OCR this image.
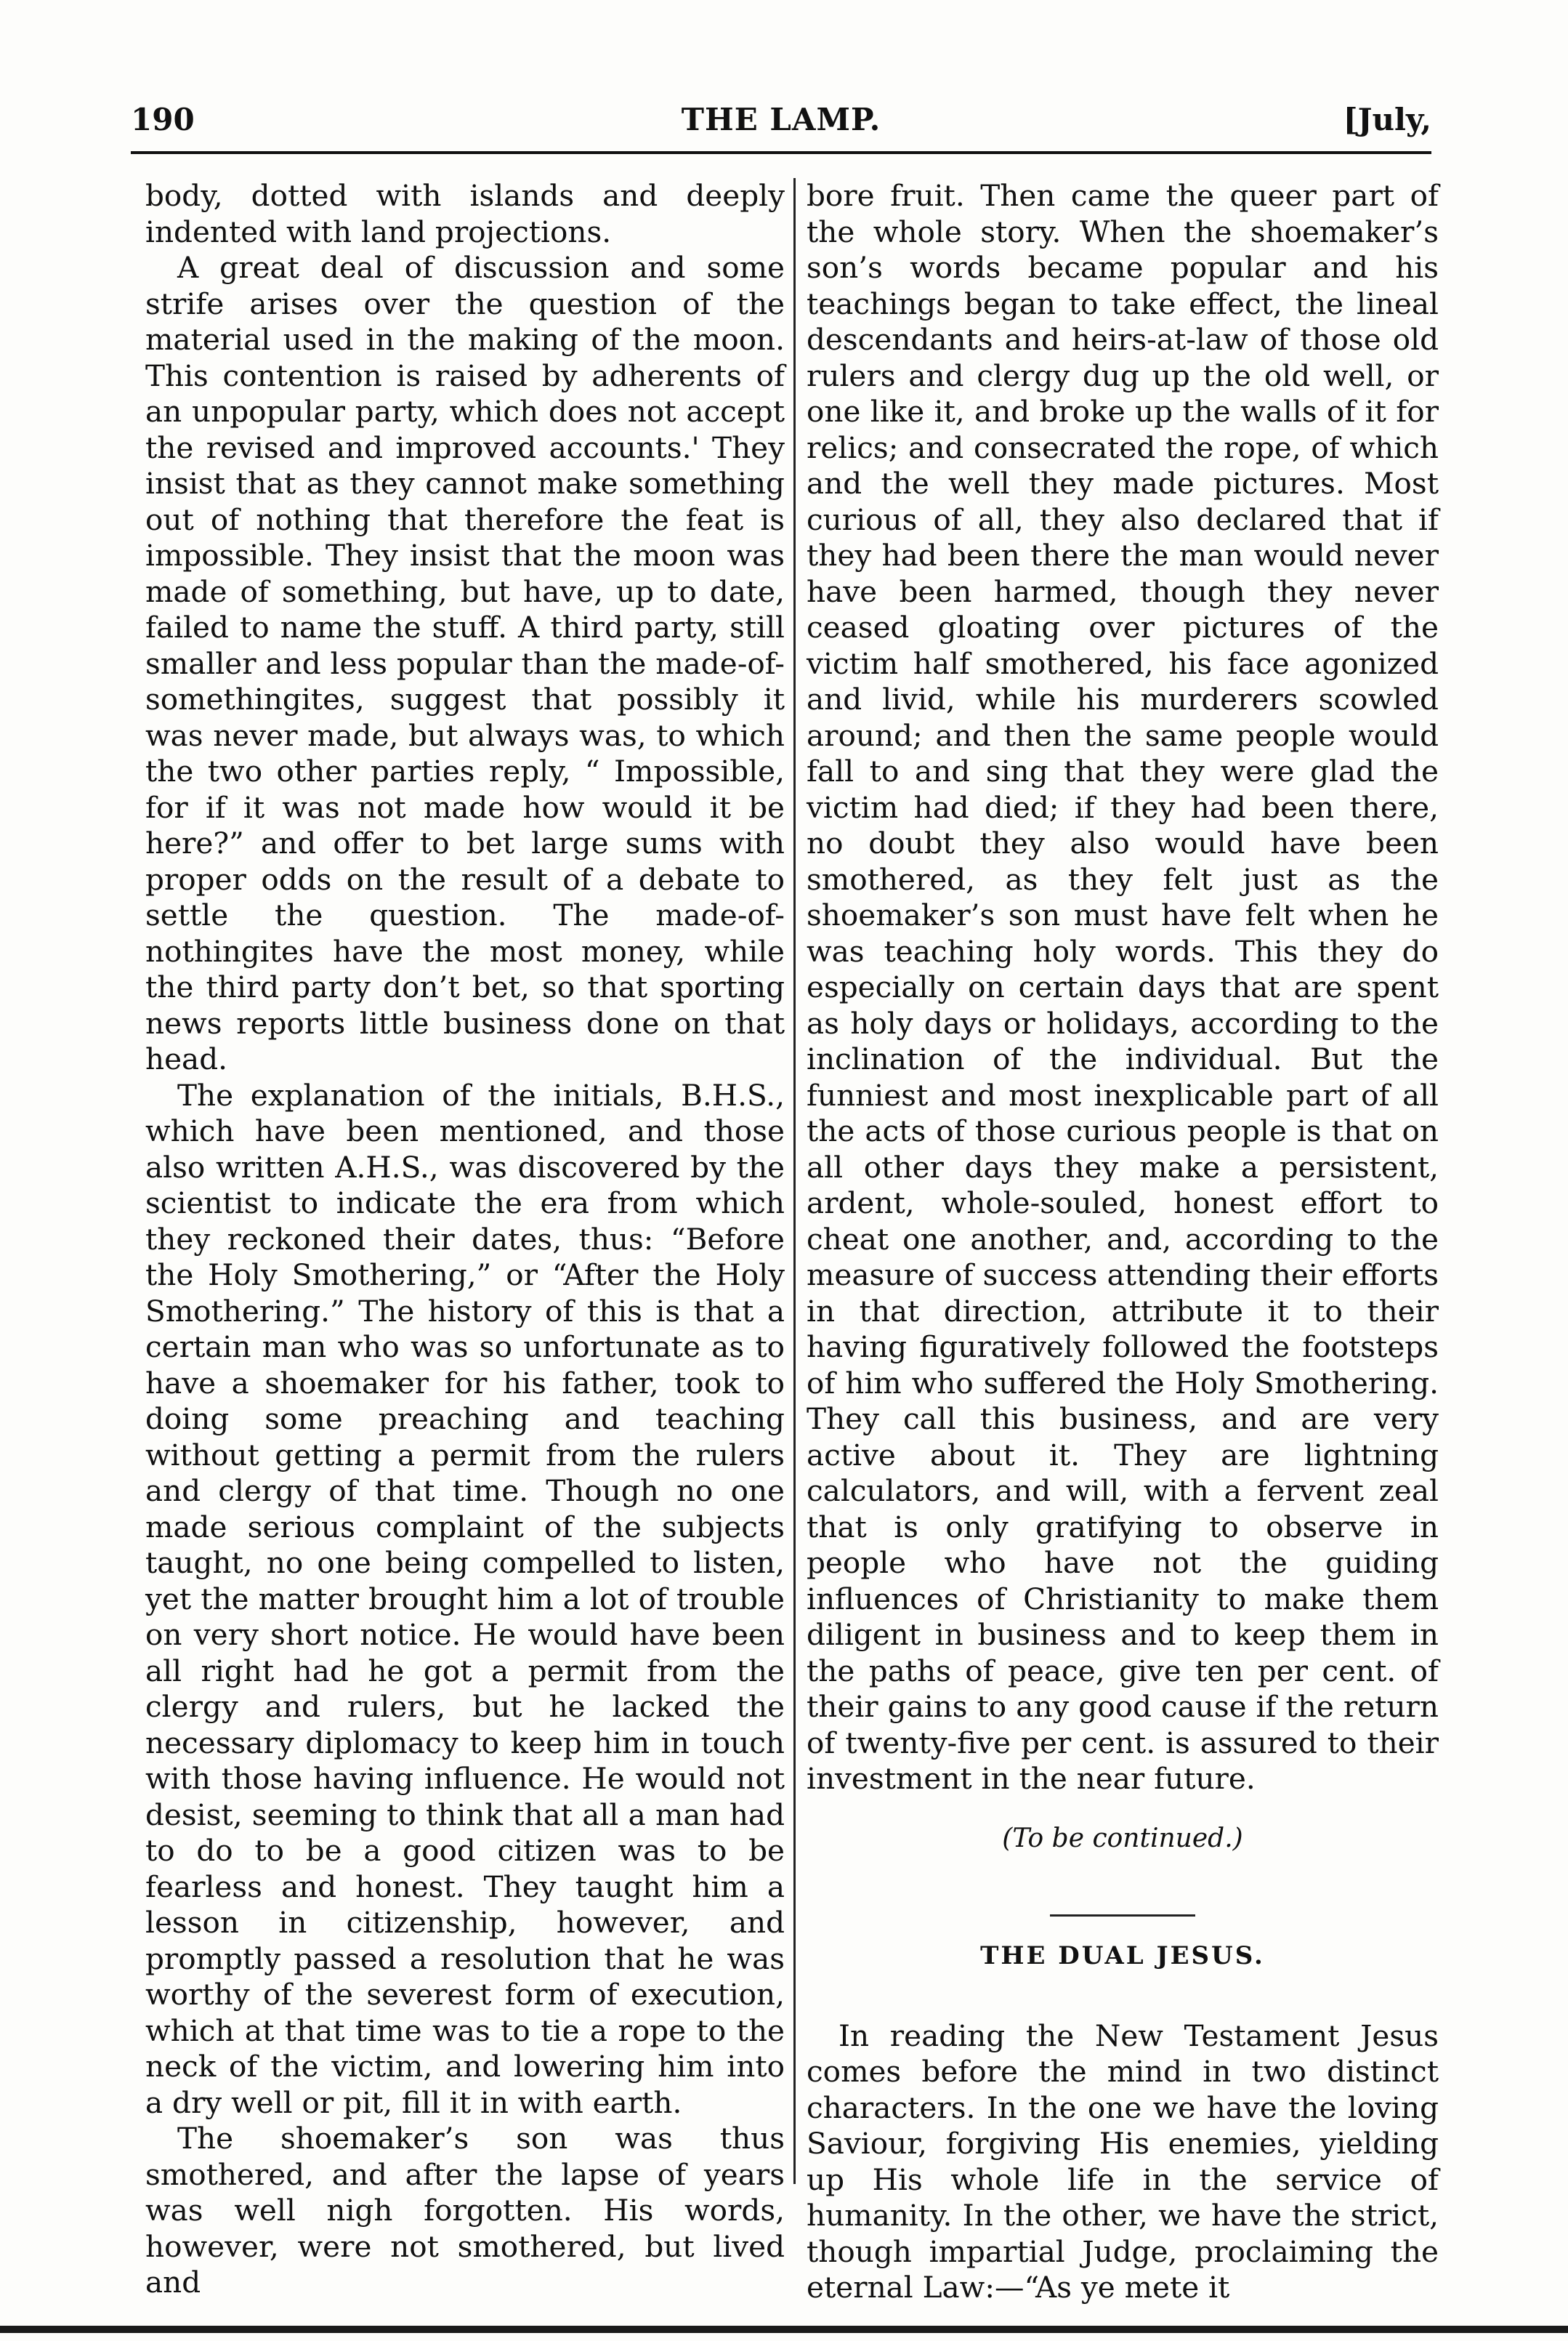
190	THE LAMP.	[July,

body, dotted with islands and deeply indented with land projections.

A great deal of discussion and some strife arises over the question of the material used in the making of the moon. This contention is raised by adherents of an unpopular party, which does not accept the revised and improved accounts.' They insist that as they cannot make something out of nothing that therefore the feat is impossible. They insist that the moon was made of something, but have, up to date, failed to name the stuff. A third party, still smaller and less popular than the made-of-somethingites, suggest that possibly it was never made, but always was, to which the two other parties reply, “ Impossible, for if it was not made how would it be here?” and offer to bet large sums with proper odds on the result of a debate to settle the question. The made-of-nothingites have the most money, while the third party don’t bet, so that sporting news reports little business done on that head.

The explanation of the initials, B.H.S., which have been mentioned, and those also written A.H.S., was discovered by the scientist to indicate the era from which they reckoned their dates, thus: “Before the Holy Smothering,” or “After the Holy Smothering.” The history of this is that a certain man who was so unfortunate as to have a shoemaker for his father, took to doing some preaching and teaching without getting a permit from the rulers and clergy of that time. Though no one made serious complaint of the subjects taught, no one being compelled to listen, yet the matter brought him a lot of trouble on very short notice. He would have been all right had he got a permit from the clergy and rulers, but he lacked the necessary diplomacy to keep him in touch with those having influence. He would not desist, seeming to think that all a man had to do to be a good citizen was to be fearless and honest. They taught him a lesson in citizenship, however, and promptly passed a resolution that he was worthy of the severest form of execution, which at that time was to tie a rope to the neck of the victim, and lowering him into a dry well or pit, fill it in with earth.

The shoemaker’s son was thus smothered, and after the lapse of years was well nigh forgotten. His words, however, were not smothered, but lived and

bore fruit. Then came the queer part of the whole story. When the shoemaker’s son’s words became popular and his teachings began to take effect, the lineal descendants and heirs-at-law of those old rulers and clergy dug up the old well, or one like it, and broke up the walls of it for relics; and consecrated the rope, of which and the well they made pictures. Most curious of all, they also declared that if they had been there the man would never have been harmed, though they never ceased gloating over pictures of the victim half smothered, his face agonized and livid, while his murderers scowled around; and then the same people would fall to and sing that they were glad the victim had died; if they had been there, no doubt they also would have been smothered, as they felt just as the shoemaker’s son must have felt when he was teaching holy words. This they do especially on certain days that are spent as holy days or holidays, according to the inclination of the individual. But the funniest and most inexplicable part of all the acts of those curious people is that on all other days they make a persistent, ardent, whole-souled, honest effort to cheat one another, and, according to the measure of success attending their efforts in that direction, attribute it to their having figuratively followed the footsteps of him who suffered the Holy Smothering. They call this business, and are very active about it. They are lightning calculators, and will, with a fervent zeal that is only gratifying to observe in people who have not the guiding influences of Christianity to make them diligent in business and to keep them in the paths of peace, give ten per cent. of their gains to any good cause if the return of twenty-five per cent. is assured to their investment in the near future.

(To be continued.)

THE DUAL JESUS.

In reading the New Testament Jesus comes before the mind in two distinct characters. In the one we have the loving Saviour, forgiving His enemies, yielding up His whole life in the service of humanity. In the other, we have the strict, though impartial Judge, proclaiming the eternal Law:—“As ye mete it
